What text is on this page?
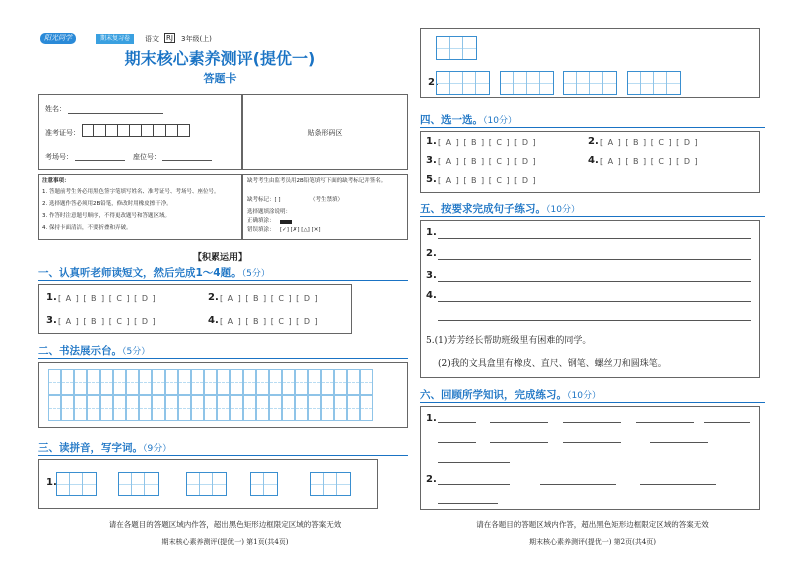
阳光同学	期末复习卷	语文 RJ 3年级(上)
期末核心素养测评(提优一)
答题卡
姓名：
准考证号：
考场号：	座位号：
贴条形码区
注意事项：
1. 答题前考生务必用黑色签字笔填写姓名、准考证号、考场号、座位号。
2. 选择题作答必须用2B铅笔，修改时用橡皮擦干净。
3. 作答时注意题号顺序，不得更改题号和答题区域。
4. 保持卡面清洁，不要折叠和弄破。
缺考考生由监考员用2B铅笔填写下面的缺考标记并签名。
缺考标记：[ ]	（考生禁填）
选择题填涂说明：
正确填涂：
错误填涂： [✓] [✗] [△] [✕]
【积累运用】
一、认真听老师读短文，然后完成1～4题。（5分）
1. [ A ] [ B ] [ C ] [ D ]	2. [ A ] [ B ] [ C ] [ D ]
3. [ A ] [ B ] [ C ] [ D ]	4. [ A ] [ B ] [ C ] [ D ]
二、书法展示台。（5分）
三、读拼音，写字词。（9分）
1.
请在各题目的答题区域内作答，超出黑色矩形边框限定区域的答案无效
期末核心素养测评(提优一) 第1页(共4页)
2.
四、选一选。（10分）
1. [ A ] [ B ] [ C ] [ D ]	2. [ A ] [ B ] [ C ] [ D ]
3. [ A ] [ B ] [ C ] [ D ]	4. [ A ] [ B ] [ C ] [ D ]
5. [ A ] [ B ] [ C ] [ D ]
五、按要求完成句子练习。（10分）
1.
2.
3.
4.
5.(1)芳芳经长帮助班级里有困难的同学。
(2)我的文具盒里有橡皮、直尺、钢笔、螺丝刀和圆珠笔。
六、回顾所学知识，完成练习。（10分）
1.
2.
请在各题目的答题区域内作答，超出黑色矩形边框限定区域的答案无效
期末核心素养测评(提优一) 第2页(共4页)
